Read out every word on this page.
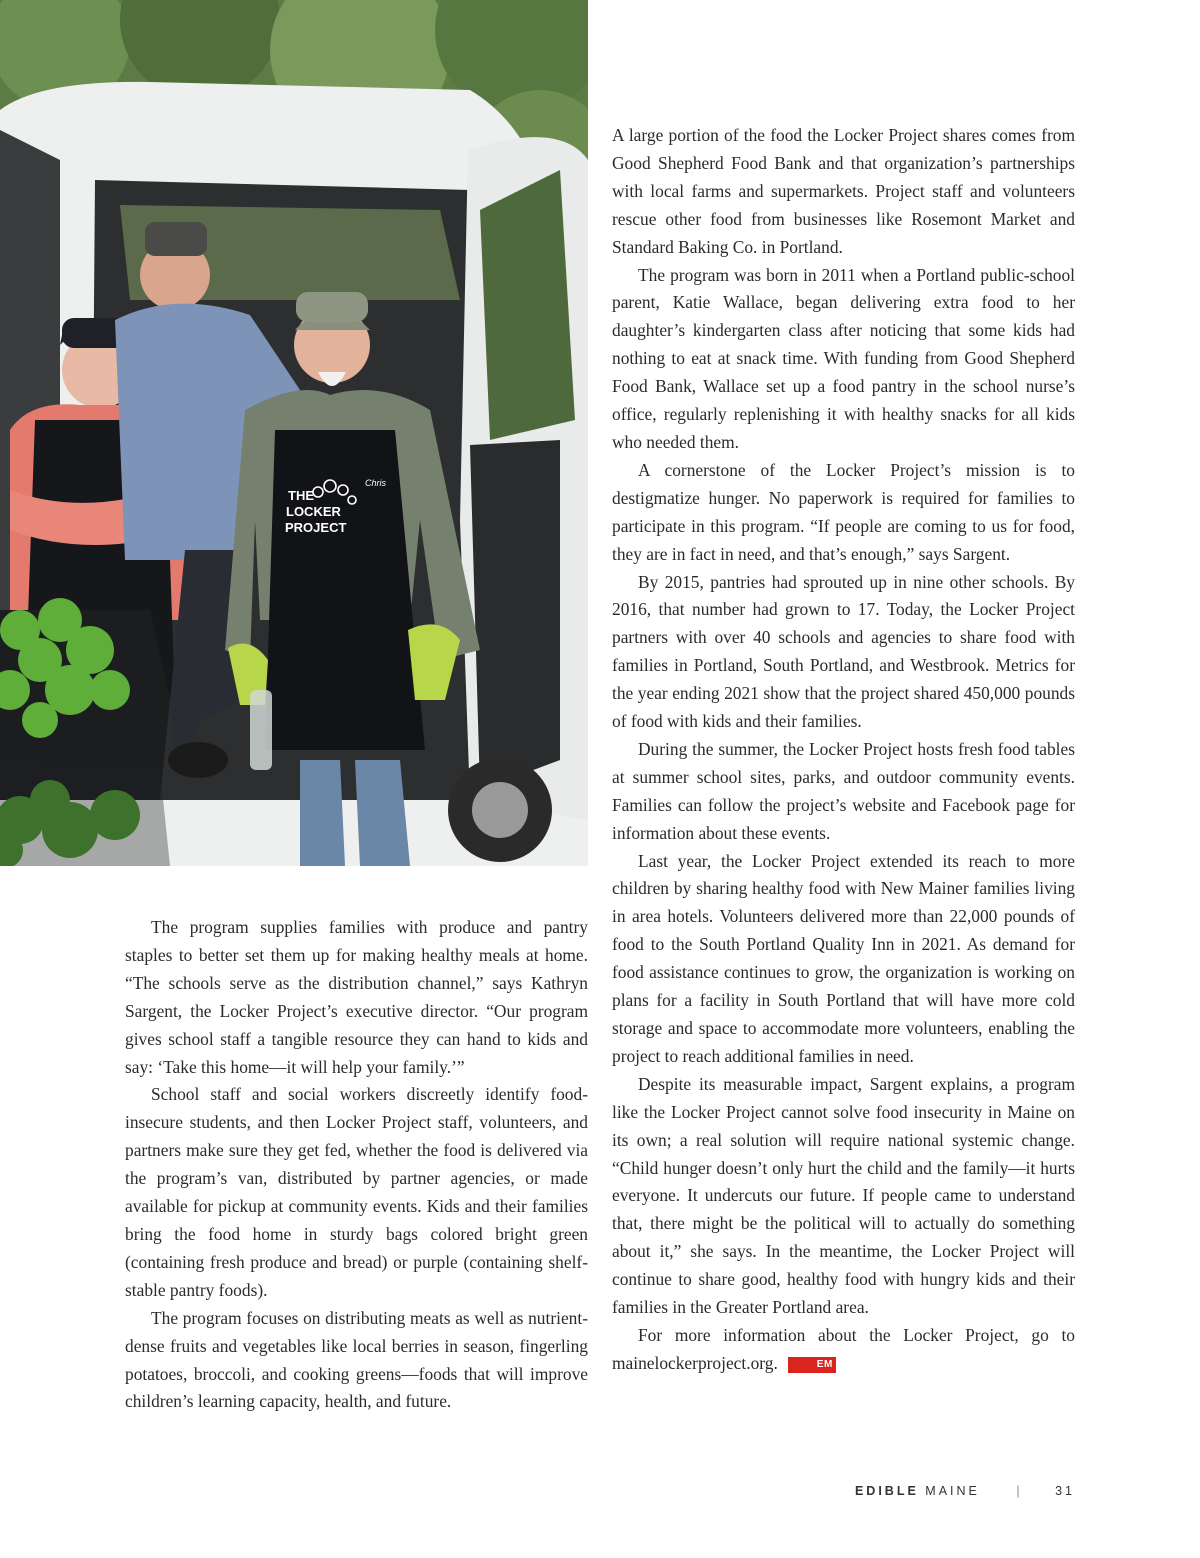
THE
LOCKER
PROJECT
Chris

The program supplies families with produce and pantry staples to better set them up for making healthy meals at home. “The schools serve as the distribution channel,” says Kathryn Sargent, the Locker Project’s executive director. “Our program gives school staff a tangible resource they can hand to kids and say: ‘Take this home—it will help your family.’”

School staff and social workers discreetly identify food-insecure students, and then Locker Project staff, volunteers, and partners make sure they get fed, whether the food is delivered via the program’s van, distributed by partner agencies, or made available for pickup at community events. Kids and their families bring the food home in sturdy bags colored bright green (containing fresh produce and bread) or purple (containing shelf-stable pantry foods).

The program focuses on distributing meats as well as nutrient-dense fruits and vegetables like local berries in season, fingerling potatoes, broccoli, and cooking greens—foods that will improve children’s learning capacity, health, and future.

A large portion of the food the Locker Project shares comes from Good Shepherd Food Bank and that organization’s partnerships with local farms and supermarkets. Project staff and volunteers rescue other food from businesses like Rosemont Market and Standard Baking Co. in Portland.

The program was born in 2011 when a Portland public-school parent, Katie Wallace, began delivering extra food to her daughter’s kindergarten class after noticing that some kids had nothing to eat at snack time. With funding from Good Shepherd Food Bank, Wallace set up a food pantry in the school nurse’s office, regularly replenishing it with healthy snacks for all kids who needed them.

A cornerstone of the Locker Project’s mission is to destigmatize hunger. No paperwork is required for families to participate in this program. “If people are coming to us for food, they are in fact in need, and that’s enough,” says Sargent.

By 2015, pantries had sprouted up in nine other schools. By 2016, that number had grown to 17. Today, the Locker Project partners with over 40 schools and agencies to share food with families in Portland, South Portland, and Westbrook. Metrics for the year ending 2021 show that the project shared 450,000 pounds of food with kids and their families.

During the summer, the Locker Project hosts fresh food tables at summer school sites, parks, and outdoor community events. Families can follow the project’s website and Facebook page for information about these events.

Last year, the Locker Project extended its reach to more children by sharing healthy food with New Mainer families living in area hotels. Volunteers delivered more than 22,000 pounds of food to the South Portland Quality Inn in 2021. As demand for food assistance continues to grow, the organization is working on plans for a facility in South Portland that will have more cold storage and space to accommodate more volunteers, enabling the project to reach additional families in need.

Despite its measurable impact, Sargent explains, a program like the Locker Project cannot solve food insecurity in Maine on its own; a real solution will require national systemic change. “Child hunger doesn’t only hurt the child and the family—it hurts everyone. It undercuts our future. If people came to understand that, there might be the political will to actually do something about it,” she says. In the meantime, the Locker Project will continue to share good, healthy food with hungry kids and their families in the Greater Portland area.

For more information about the Locker Project, go to mainelockerproject.org.	EM

EDIBLE MAINE	|	31
